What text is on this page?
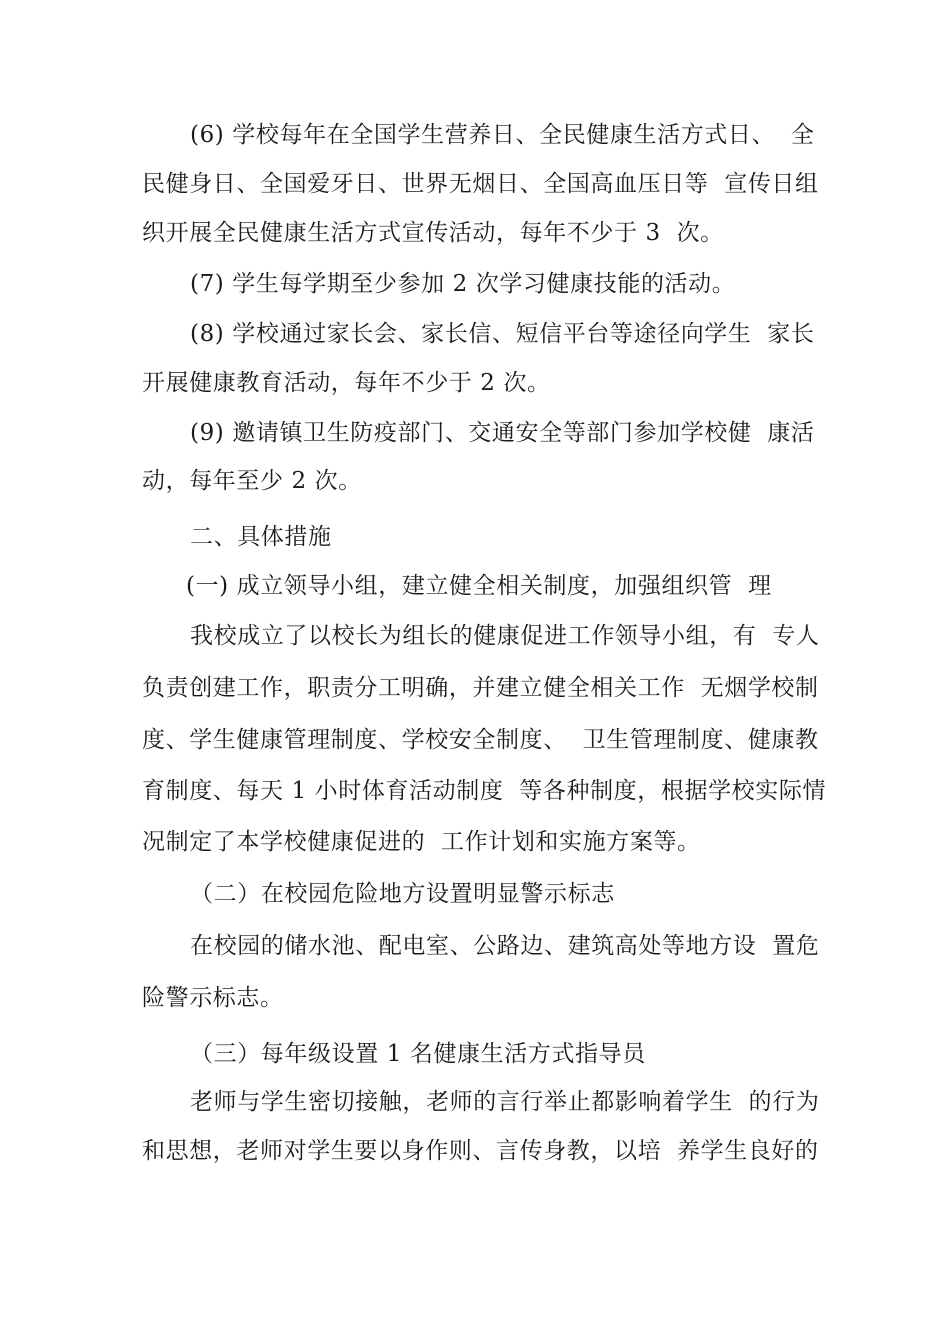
(6) 学校每年在全国学生营养日、全民健康生活方式日、  全
民健身日、全国爱牙日、世界无烟日、全国高血压日等  宣传日组
织开展全民健康生活方式宣传活动，每年不少于 3  次。
(7) 学生每学期至少参加 2 次学习健康技能的活动。
(8) 学校通过家长会、家长信、短信平台等途径向学生  家长
开展健康教育活动，每年不少于 2 次。
(9) 邀请镇卫生防疫部门、交通安全等部门参加学校健  康活
动，每年至少 2 次。
二、具体措施
(一) 成立领导小组，建立健全相关制度，加强组织管  理
我校成立了以校长为组长的健康促进工作领导小组，有  专人
负责创建工作，职责分工明确，并建立健全相关工作  无烟学校制
度、学生健康管理制度、学校安全制度、  卫生管理制度、健康教
育制度、每天 1 小时体育活动制度  等各种制度，根据学校实际情
况制定了本学校健康促进的  工作计划和实施方案等。
（二）在校园危险地方设置明显警示标志
在校园的储水池、配电室、公路边、建筑高处等地方设  置危
险警示标志。
（三）每年级设置 1 名健康生活方式指导员
老师与学生密切接触，老师的言行举止都影响着学生  的行为
和思想，老师对学生要以身作则、言传身教，以培  养学生良好的
